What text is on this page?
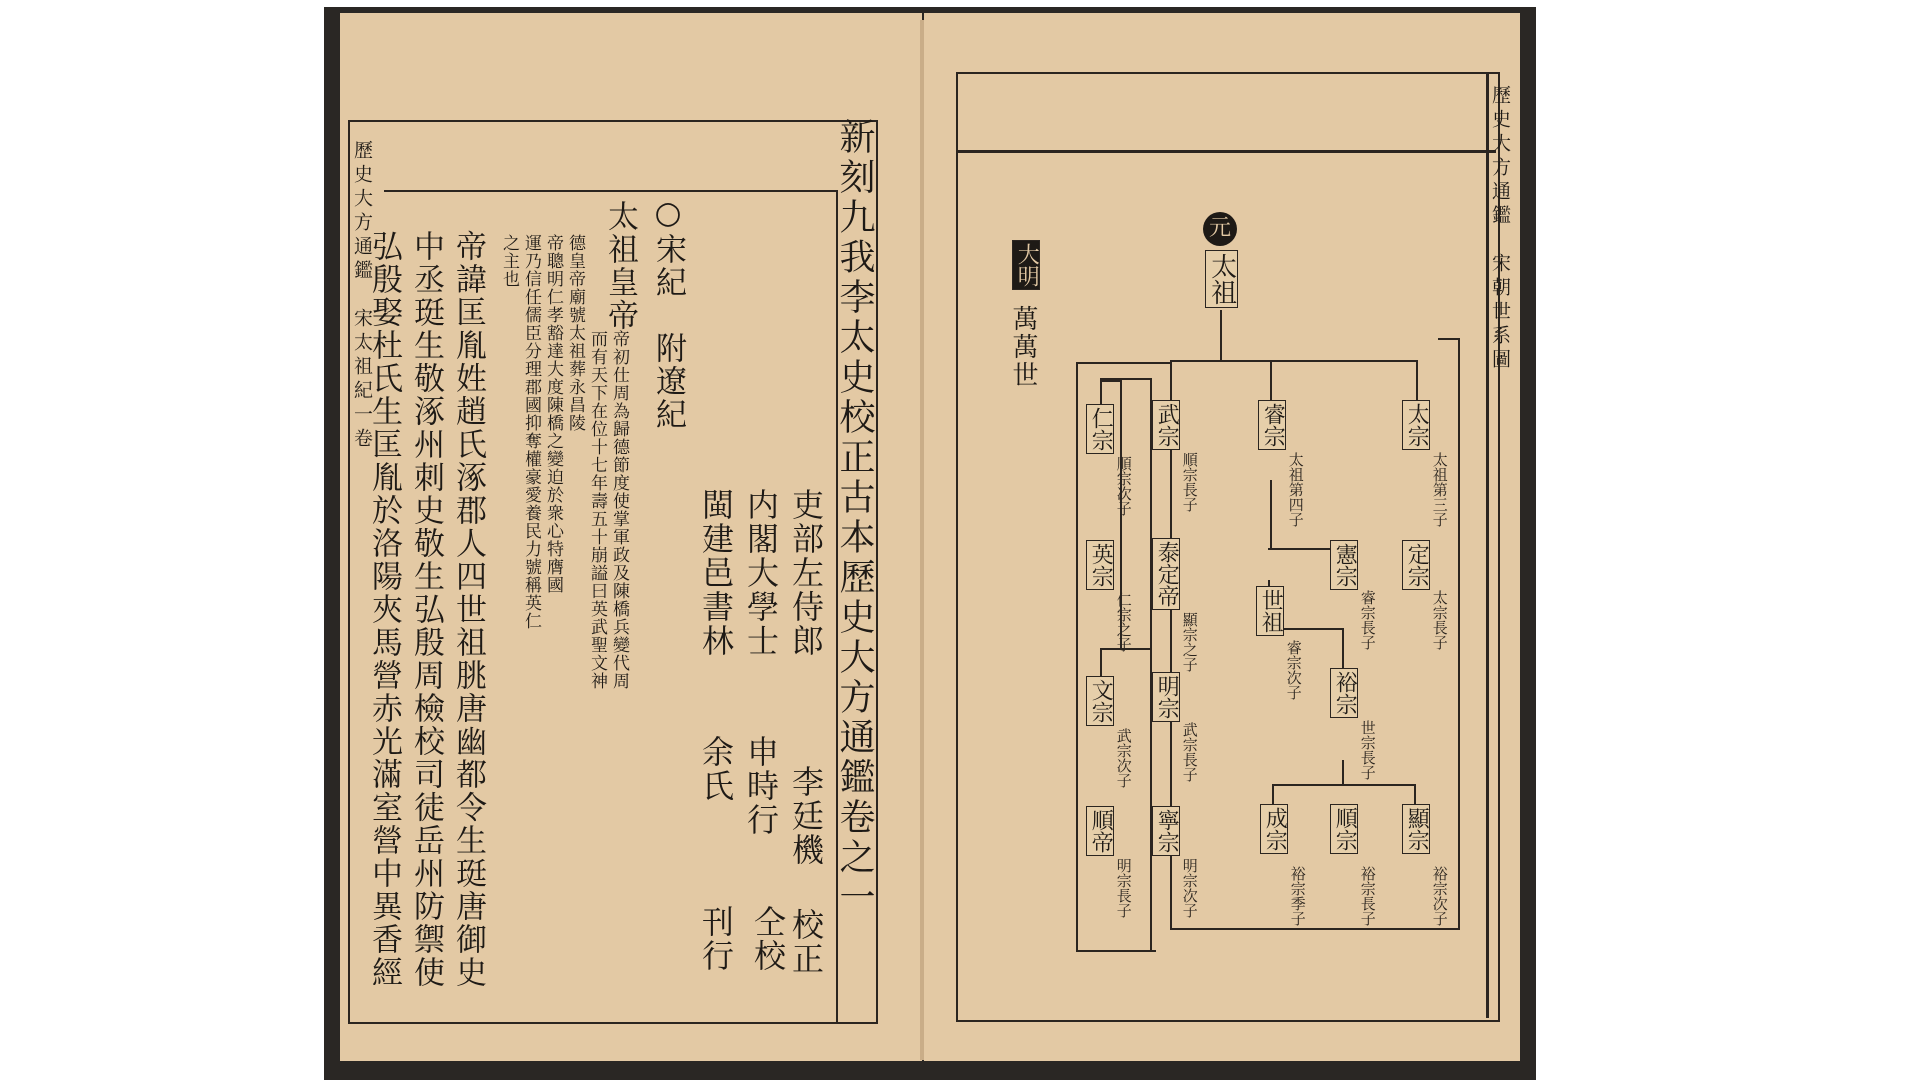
歷史大方通鑑　宋太祖紀一卷	新刻九我李太史校正古本歷史大方通鑑卷之一
吏部左侍郎
李廷機
校正
内閣大學士
申時行
仝校
閩建邑書林
余氏
刊行
○宋紀　附遼紀
太祖皇帝
帝初仕周為歸德節度使掌軍政及陳橋兵變代周
而有天下在位十七年壽五十崩謚曰英武聖文神
德皇帝廟號太祖葬永昌陵
帝聰明仁孝豁達大度陳橋之變迫於衆心特膺國
運乃信任儒臣分理郡國抑奪權豪愛養民力號稱英仁
之主也
帝諱匡胤姓趙氏涿郡人四世祖朓唐幽都令生珽唐御史
中丞珽生敬涿州刺史敬生弘殷周檢校司徒岳州防禦使
弘殷娶杜氏生匡胤於洛陽夾馬營赤光滿室營中異香經
歷史大方通鑑　宋朝世系圖
元
太祖
大明
萬萬世
太宗
太祖第三子
睿宗
太祖第四子
定宗
太宗長子
憲宗
睿宗長子
世祖
睿宗次子 裕宗
世宗長子
顯宗
裕宗次子
順宗
裕宗長子
成宗
裕宗季子
武宗
順宗長子
仁宗
順宗次子
泰定帝
顯宗之子
英宗
仁宗之子
明宗
武宗長子
文宗
武宗次子
寧宗
明宗次子
順帝
明宗長子
